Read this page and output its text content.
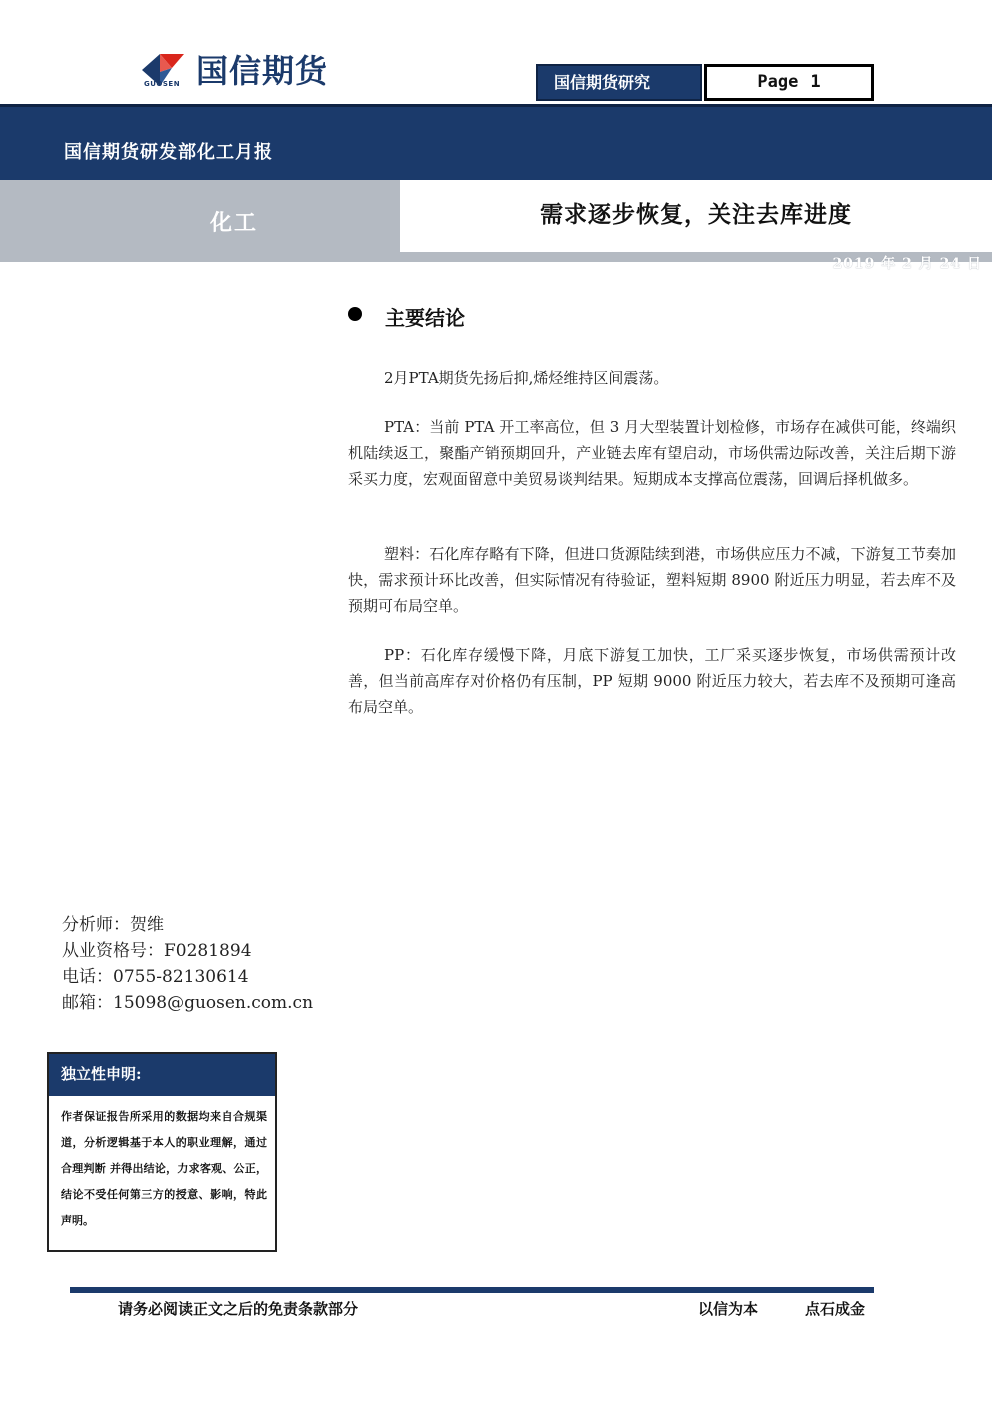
GUOSEN 国信期货	国信期货研究	Page 1
国信期货研发部化工月报
化工	需求逐步恢复，关注去库进度
2019 年 2 月 24 日
主要结论
2月PTA期货先扬后抑,烯烃维持区间震荡。
PTA：当前 PTA 开工率高位，但 3 月大型装置计划检修，市场存在减供可能，终端织机陆续返工，聚酯产销预期回升，产业链去库有望启动，市场供需边际改善，关注后期下游采买力度，宏观面留意中美贸易谈判结果。短期成本支撑高位震荡，回调后择机做多。
塑料：石化库存略有下降，但进口货源陆续到港，市场供应压力不减，下游复工节奏加快，需求预计环比改善，但实际情况有待验证，塑料短期 8900 附近压力明显，若去库不及预期可布局空单。
PP：石化库存缓慢下降，月底下游复工加快，工厂采买逐步恢复，市场供需预计改善，但当前高库存对价格仍有压制，PP 短期 9000 附近压力较大，若去库不及预期可逢高布局空单。
分析师：贺维
从业资格号：F0281894
电话：0755-82130614
邮箱：15098@guosen.com.cn
独立性申明:
作者保证报告所采用的数据均来自合规渠道，分析逻辑基于本人的职业理解，通过合理判断 并得出结论，力求客观、公正，结论不受任何第三方的授意、影响，特此声明。
请务必阅读正文之后的免责条款部分	以信为本	点石成金
